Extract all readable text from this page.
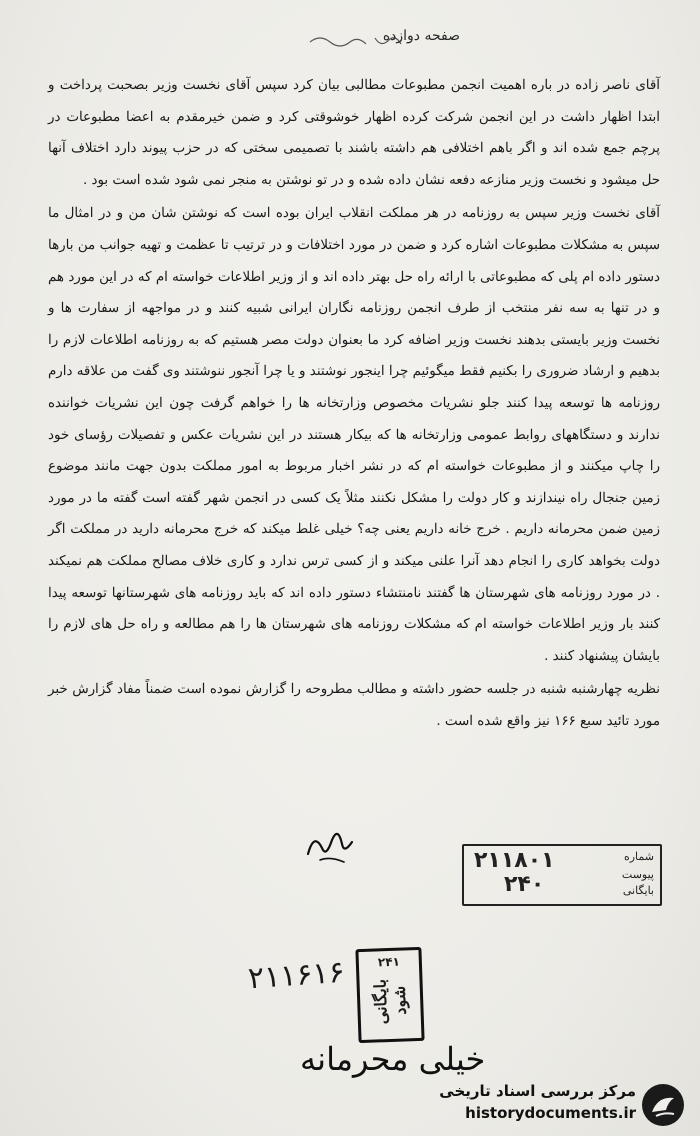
صفحه دوازده

آقای ناصر زاده در باره اهمیت انجمن مطبوعات مطالبی بیان کرد سپس آقای نخست وزیر بصحبت پرداخت و ابتدا اظهار داشت در این انجمن شرکت کرده اظهار خوشوقتی کرد و ضمن خیرمقدم به اعضا مطبوعات در پرچم جمع شده اند و اگر باهم اختلافی هم داشته باشند با تصمیمی سختی که در حزب پیوند دارد اختلاف آنها حل میشود و نخست وزیر منازعه دفعه نشان داده شده و در تو نوشتن به منجر نمی شود شده است بود .

آقای نخست وزیر سپس به روزنامه در هر مملکت انقلاب ایران بوده است که نوشتن شان من و در امثال ما سپس به مشکلات مطبوعات اشاره کرد و ضمن در مورد اختلافات و در ترتیب تا عظمت و تهیه جوانب من بارها دستور داده ام پلی که مطبوعاتی با ارائه راه حل بهتر داده اند و از وزیر اطلاعات خواسته ام که در این مورد هم و در تنها به سه نفر منتخب از طرف انجمن روزنامه نگاران ایرانی شبیه کنند و در مواجهه از سفارت ها و نخست وزیر بایستی بدهند نخست وزیر اضافه کرد ما بعنوان دولت مصر هستیم که به روزنامه اطلاعات لازم را بدهیم و ارشاد ضروری را بکنیم فقط میگوئیم چرا اینجور نوشتند و یا چرا آنجور ننوشتند وی گفت من علاقه دارم روزنامه ها توسعه پیدا کنند جلو نشریات مخصوص وزارتخانه ها را خواهم گرفت چون این نشریات خواننده ندارند و دستگاههای روابط عمومی وزارتخانه ها که بیکار هستند در این نشریات عکس و تفصیلات رؤسای خود را چاپ میکنند و از مطبوعات خواسته ام که در نشر اخبار مربوط به امور مملکت بدون جهت مانند موضوع زمین جنجال راه نیندازند و کار دولت را مشکل نکنند مثلاً یک کسی در انجمن شهر گفته است گفته ما در مورد زمین ضمن محرمانه داریم . خرج خانه داریم یعنی چه؟ خیلی غلط میکند که خرج محرمانه دارید در مملکت اگر دولت بخواهد کاری را انجام دهد آنرا علنی میکند و از کسی ترس ندارد و کاری خلاف مصالح مملکت هم نمیکند . در مورد روزنامه های شهرستان ها گفتند نامنتشاء دستور داده اند که باید روزنامه های شهرستانها توسعه پیدا کنند بار وزیر اطلاعات خواسته ام که مشکلات روزنامه های شهرستان ها را هم مطالعه و راه حل های لازم را بایشان پیشنهاد کنند .

نظریه چهارشنبه شنبه در جلسه حضور داشته و مطالب مطروحه را گزارش نموده است ضمناً مفاد گزارش خبر مورد تائید سبع ۱۶۶ نیز واقع شده است .

شماره
پیوست
بایگانی
۲۱۱۸۰۱
۲۴۰
۲۱۱۶۱۶	۲۴۱
بایگانی شود
خیلی محرمانه
مرکز بررسی اسناد تاریخی
historydocuments.ir
